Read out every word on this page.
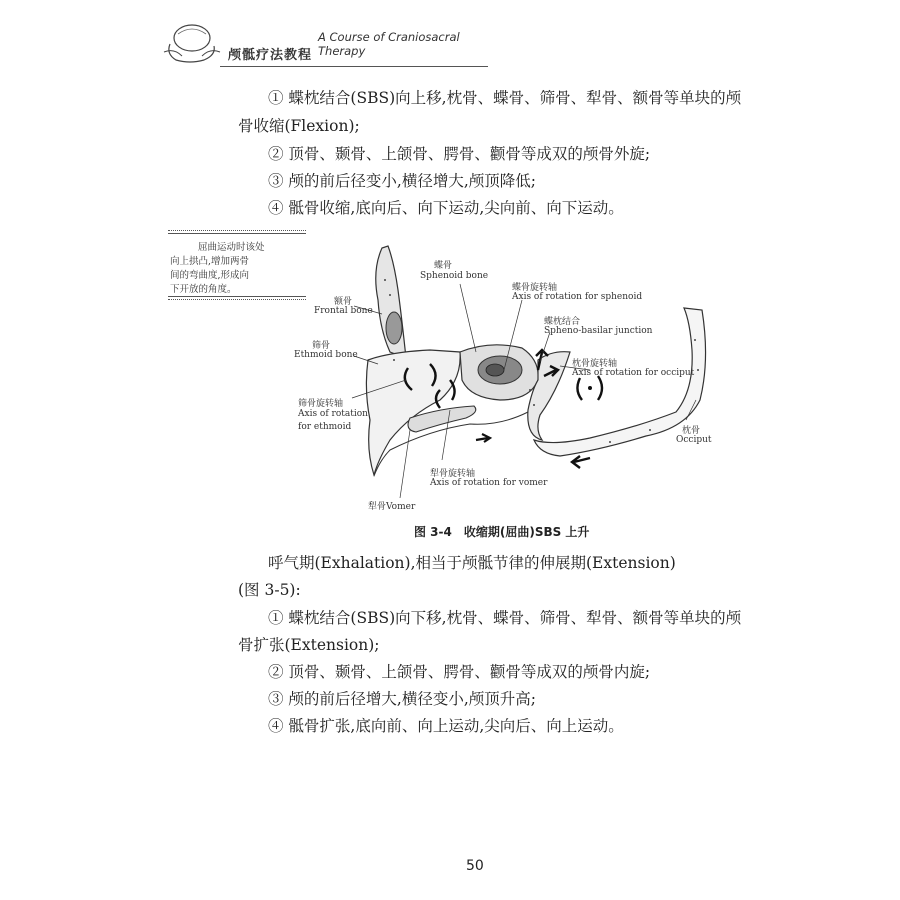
颅骶疗法教程
A Course of Craniosacral Therapy
① 蝶枕结合(SBS)向上移,枕骨、蝶骨、筛骨、犁骨、额骨等单块的颅
骨收缩(Flexion);
② 顶骨、颞骨、上颌骨、腭骨、颧骨等成双的颅骨外旋;
③ 颅的前后径变小,横径增大,颅顶降低;
④ 骶骨收缩,底向后、向下运动,尖向前、向下运动。
屈曲运动时该处
向上拱凸,增加两骨
间的弯曲度,形成向
下开放的角度。
蝶骨
Sphenoid bone
蝶骨旋转轴
Axis of rotation for sphenoid
蝶枕结合
Spheno-basilar junction
额骨
Frontal bone
筛骨
Ethmoid bone
枕骨旋转轴
Axis of rotation for occiput
筛骨旋转轴
Axis of rotation
for ethmoid	枕骨
Occiput
犁骨旋转轴
Axis of rotation for vomer
犁骨Vomer
图 3-4　收缩期(屈曲)SBS 上升
呼气期(Exhalation),相当于颅骶节律的伸展期(Extension)
(图 3-5):
① 蝶枕结合(SBS)向下移,枕骨、蝶骨、筛骨、犁骨、额骨等单块的颅
骨扩张(Extension);
② 顶骨、颞骨、上颌骨、腭骨、颧骨等成双的颅骨内旋;
③ 颅的前后径增大,横径变小,颅顶升高;
④ 骶骨扩张,底向前、向上运动,尖向后、向上运动。
50
